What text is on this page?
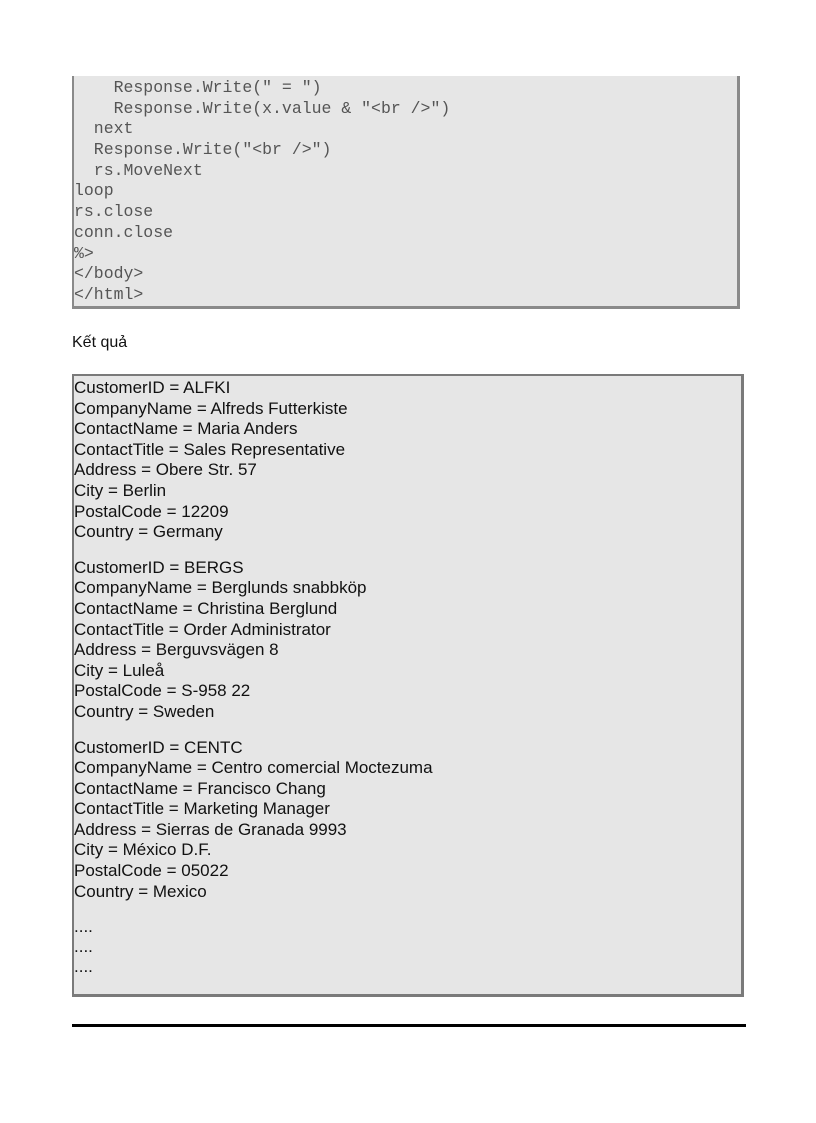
Response.Write(" = ")
Response.Write(x.value & "<br />")
next
Response.Write("<br />")
rs.MoveNext
loop
rs.close
conn.close
%>
</body>
</html>
Kết quả
CustomerID = ALFKI
CompanyName = Alfreds Futterkiste
ContactName = Maria Anders
ContactTitle = Sales Representative
Address = Obere Str. 57
City = Berlin
PostalCode = 12209
Country = Germany
CustomerID = BERGS
CompanyName = Berglunds snabbköp
ContactName = Christina Berglund
ContactTitle = Order Administrator
Address = Berguvsvägen 8
City = Luleå
PostalCode = S-958 22
Country = Sweden
CustomerID = CENTC
CompanyName = Centro comercial Moctezuma
ContactName = Francisco Chang
ContactTitle = Marketing Manager
Address = Sierras de Granada 9993
City = México D.F.
PostalCode = 05022
Country = Mexico
....
....
....
